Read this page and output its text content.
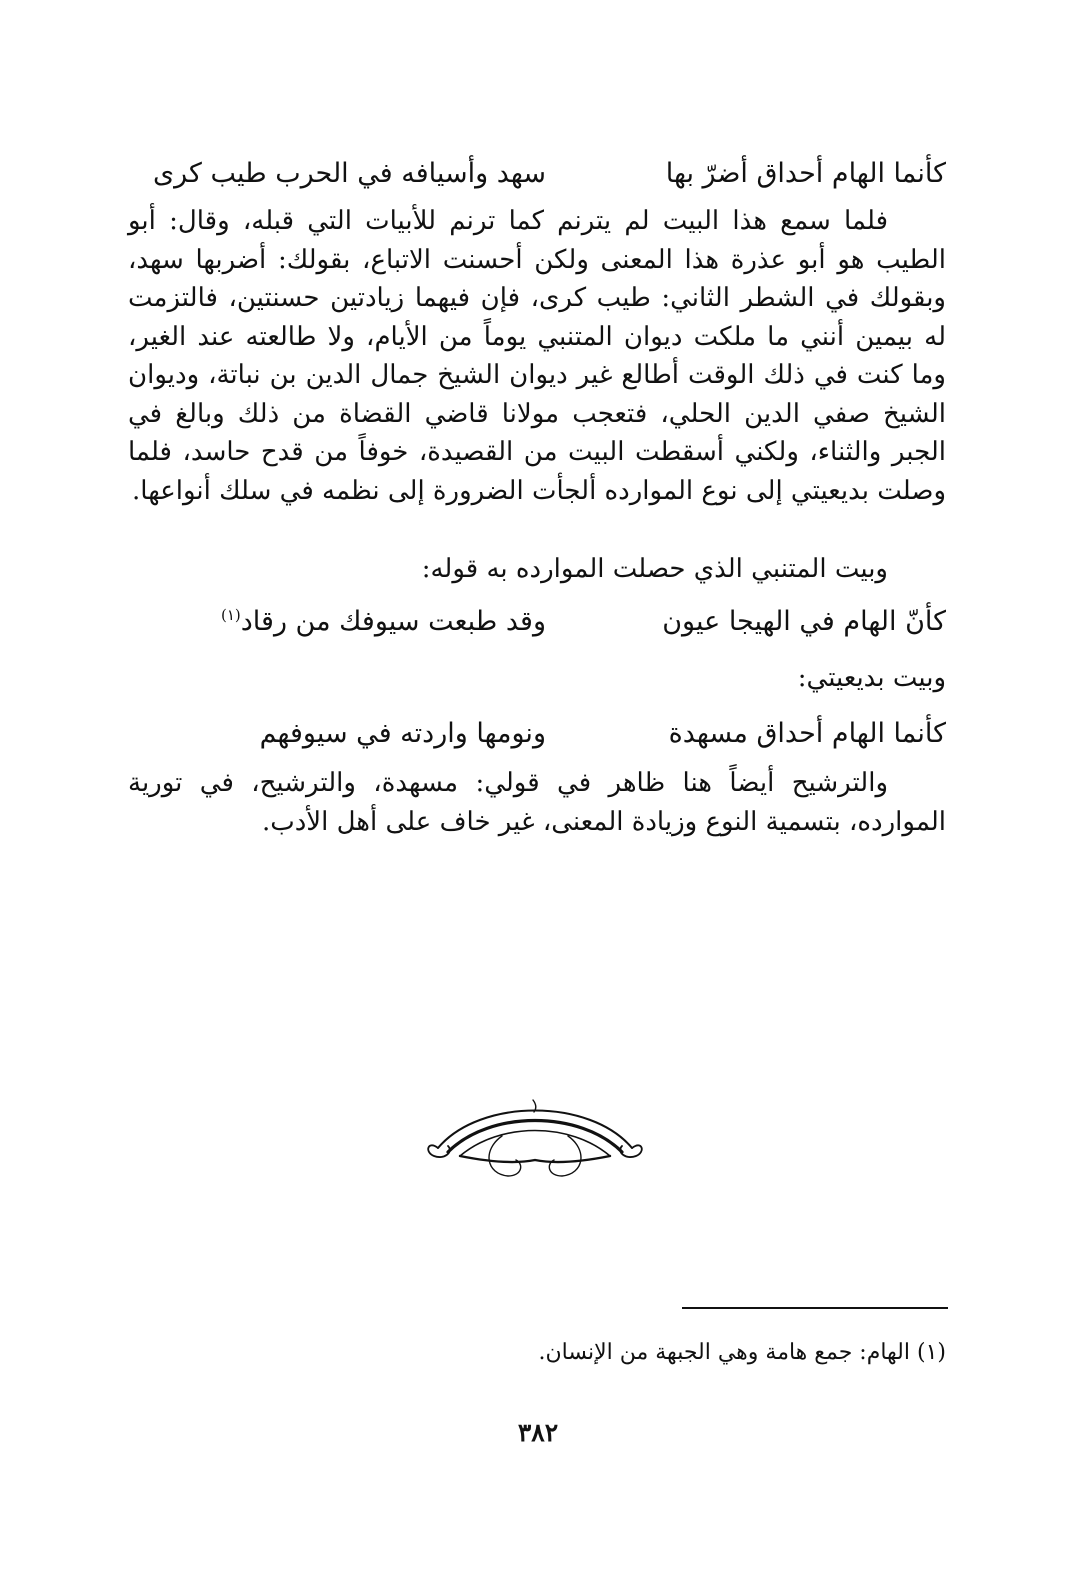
كأنما الهام أحداق أضرّ بها
سهد وأسيافه في الحرب طيب كرى

فلما سمع هذا البيت لم يترنم كما ترنم للأبيات التي قبله، وقال: أبو الطيب هو أبو عذرة هذا المعنى ولكن أحسنت الاتباع، بقولك: أضربها سهد، وبقولك في الشطر الثاني: طيب كرى، فإن فيهما زيادتين حسنتين، فالتزمت له بيمين أنني ما ملكت ديوان المتنبي يوماً من الأيام، ولا طالعته عند الغير، وما كنت في ذلك الوقت أطالع غير ديوان الشيخ جمال الدين بن نباتة، وديوان الشيخ صفي الدين الحلي، فتعجب مولانا قاضي القضاة من ذلك وبالغ في الجبر والثناء، ولكني أسقطت البيت من القصيدة، خوفاً من قدح حاسد، فلما وصلت بديعيتي إلى نوع الموارده ألجأت الضرورة إلى نظمه في سلك أنواعها.

وبيت المتنبي الذي حصلت الموارده به قوله:

كأنّ الهام في الهيجا عيون
وقد طبعت سيوفك من رقاد$^{(١)}$

وبيت بديعيتي:

كأنما الهام أحداق مسهدة
ونومها واردته في سيوفهم

والترشيح أيضاً هنا ظاهر في قولي: مسهدة، والترشيح، في تورية الموارده، بتسمية النوع وزيادة المعنى، غير خاف على أهل الأدب.

(١) الهام: جمع هامة وهي الجبهة من الإنسان.
٣٨٢
